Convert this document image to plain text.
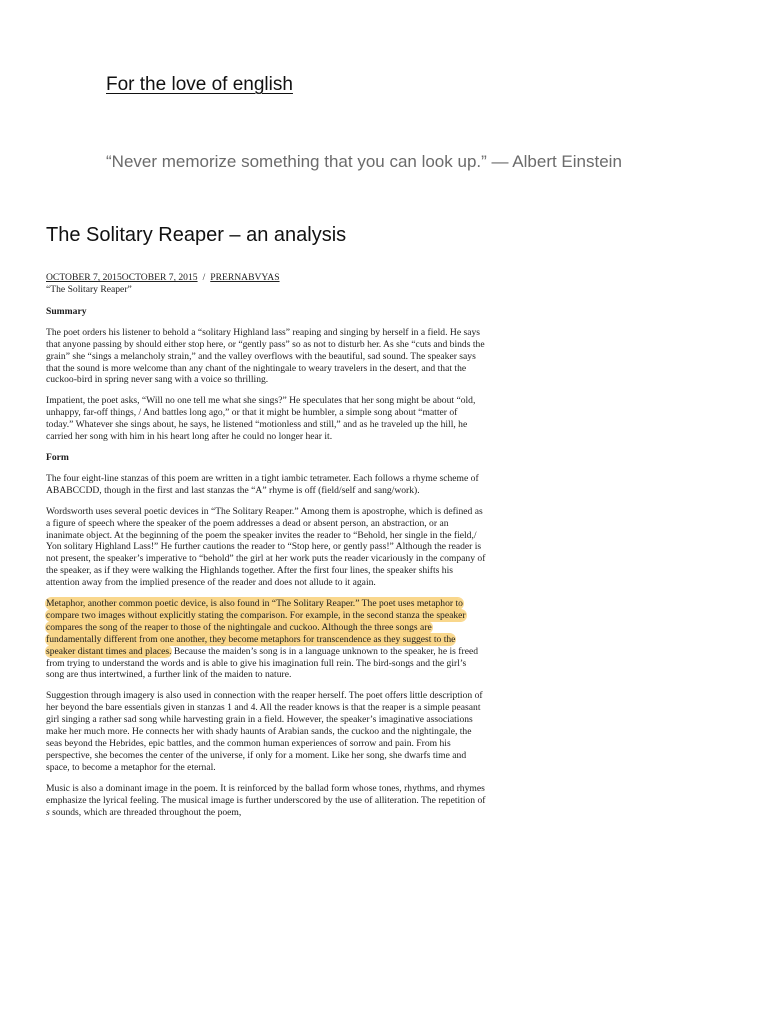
For the love of english
“Never memorize something that you can look up.” — Albert Einstein
The Solitary Reaper – an analysis
OCTOBER 7, 2015OCTOBER 7, 2015 / PRERNABVYAS

“The Solitary Reaper”

Summary

The poet orders his listener to behold a “solitary Highland lass” reaping and singing by herself in a field. He says that anyone passing by should either stop here, or “gently pass” so as not to disturb her. As she “cuts and binds the grain” she “sings a melancholy strain,” and the valley overflows with the beautiful, sad sound. The speaker says that the sound is more welcome than any chant of the nightingale to weary travelers in the desert, and that the cuckoo-bird in spring never sang with a voice so thrilling.

Impatient, the poet asks, “Will no one tell me what she sings?” He speculates that her song might be about “old, unhappy, far-off things, / And battles long ago,” or that it might be humbler, a simple song about “matter of today.” Whatever she sings about, he says, he listened “motionless and still,” and as he traveled up the hill, he carried her song with him in his heart long after he could no longer hear it.

Form

The four eight-line stanzas of this poem are written in a tight iambic tetrameter. Each follows a rhyme scheme of ABABCCDD, though in the first and last stanzas the “A” rhyme is off (field/self and sang/work).

Wordsworth uses several poetic devices in “The Solitary Reaper.” Among them is apostrophe, which is defined as a figure of speech where the speaker of the poem addresses a dead or absent person, an abstraction, or an inanimate object. At the beginning of the poem the speaker invites the reader to “Behold, her single in the field,/ Yon solitary Highland Lass!” He further cautions the reader to “Stop here, or gently pass!” Although the reader is not present, the speaker’s imperative to “behold” the girl at her work puts the reader vicariously in the company of the speaker, as if they were walking the Highlands together. After the first four lines, the speaker shifts his attention away from the implied presence of the reader and does not allude to it again.

Metaphor, another common poetic device, is also found in “The Solitary Reaper.” The poet uses metaphor to compare two images without explicitly stating the comparison. For example, in the second stanza the speaker compares the song of the reaper to those of the nightingale and cuckoo. Although the three songs are fundamentally different from one another, they become metaphors for transcendence as they suggest to the speaker distant times and places. Because the maiden’s song is in a language unknown to the speaker, he is freed from trying to understand the words and is able to give his imagination full rein. The bird-songs and the girl’s song are thus intertwined, a further link of the maiden to nature.

Suggestion through imagery is also used in connection with the reaper herself. The poet offers little description of her beyond the bare essentials given in stanzas 1 and 4. All the reader knows is that the reaper is a simple peasant girl singing a rather sad song while harvesting grain in a field. However, the speaker’s imaginative associations make her much more. He connects her with shady haunts of Arabian sands, the cuckoo and the nightingale, the seas beyond the Hebrides, epic battles, and the common human experiences of sorrow and pain. From his perspective, she becomes the center of the universe, if only for a moment. Like her song, she dwarfs time and space, to become a metaphor for the eternal.

Music is also a dominant image in the poem. It is reinforced by the ballad form whose tones, rhythms, and rhymes emphasize the lyrical feeling. The musical image is further underscored by the use of alliteration. The repetition of s sounds, which are threaded throughout the poem,
